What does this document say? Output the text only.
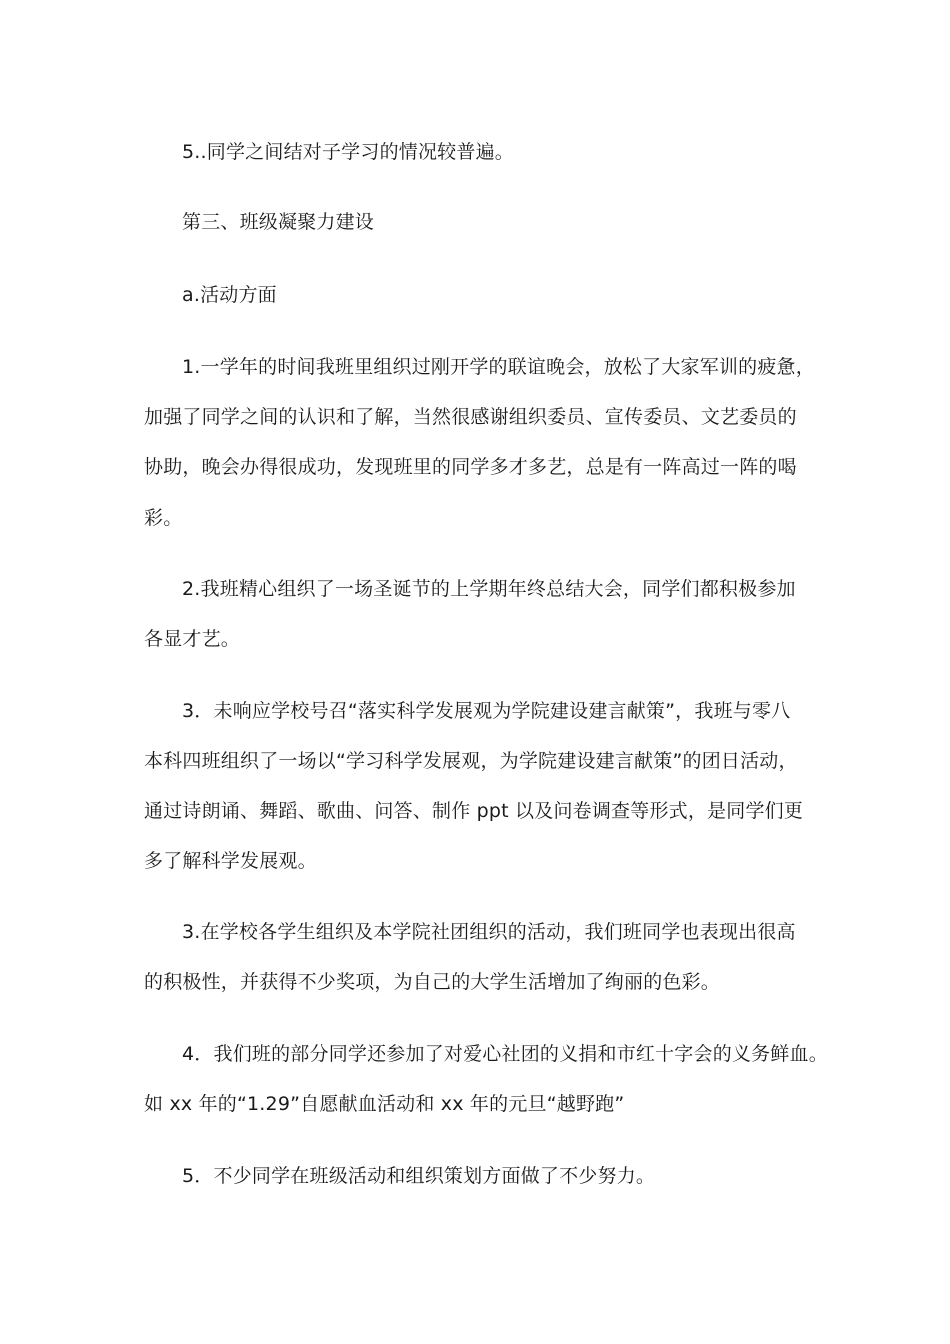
5..同学之间结对子学习的情况较普遍。
第三、班级凝聚力建设
a.活动方面
1.一学年的时间我班里组织过刚开学的联谊晚会，放松了大家军训的疲惫，
加强了同学之间的认识和了解，当然很感谢组织委员、宣传委员、文艺委员的
协助，晚会办得很成功，发现班里的同学多才多艺，总是有一阵高过一阵的喝
彩。
2.我班精心组织了一场圣诞节的上学期年终总结大会，同学们都积极参加
各显才艺。
3．未响应学校号召“落实科学发展观为学院建设建言献策”，我班与零八
本科四班组织了一场以“学习科学发展观，为学院建设建言献策”的团日活动，
通过诗朗诵、舞蹈、歌曲、问答、制作 ppt 以及问卷调查等形式，是同学们更
多了解科学发展观。
3.在学校各学生组织及本学院社团组织的活动，我们班同学也表现出很高
的积极性，并获得不少奖项，为自己的大学生活增加了绚丽的色彩。
4．我们班的部分同学还参加了对爱心社团的义捐和市红十字会的义务鲜血。
如 xx 年的“1.29”自愿献血活动和 xx 年的元旦“越野跑”
5．不少同学在班级活动和组织策划方面做了不少努力。
